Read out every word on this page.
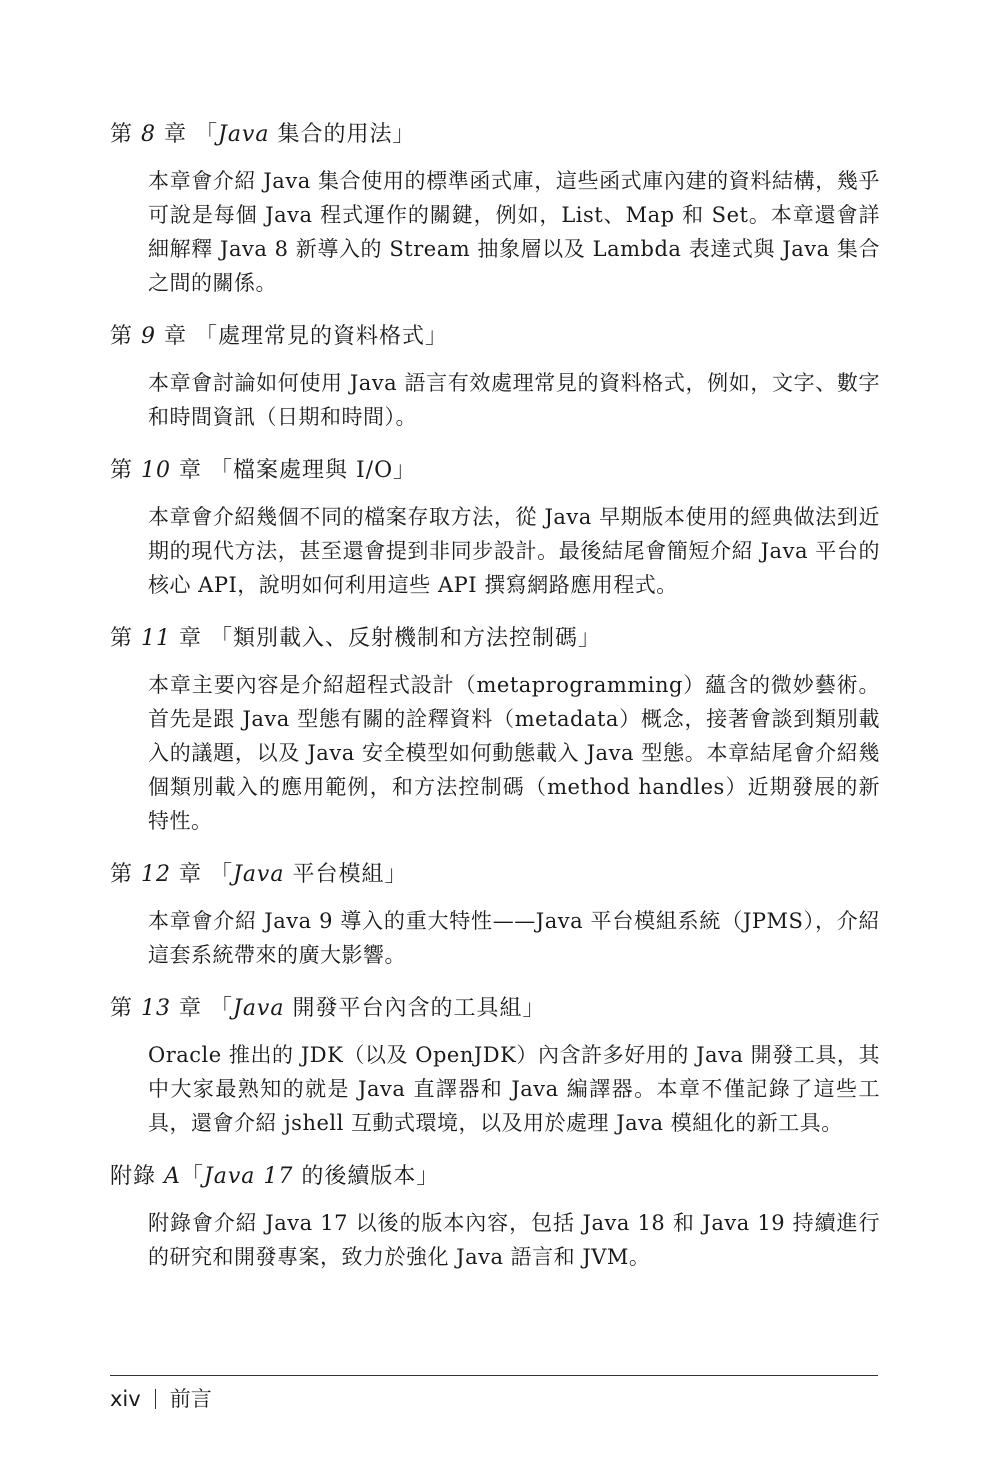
第 8 章 「Java 集合的用法」

本章會介紹 Java 集合使用的標準函式庫，這些函式庫內建的資料結構，幾乎可說是每個 Java 程式運作的關鍵，例如，List、Map 和 Set。本章還會詳細解釋 Java 8 新導入的 Stream 抽象層以及 Lambda 表達式與 Java 集合之間的關係。

第 9 章 「處理常見的資料格式」

本章會討論如何使用 Java 語言有效處理常見的資料格式，例如，文字、數字和時間資訊（日期和時間）。

第 10 章 「檔案處理與 I/O」

本章會介紹幾個不同的檔案存取方法，從 Java 早期版本使用的經典做法到近期的現代方法，甚至還會提到非同步設計。最後結尾會簡短介紹 Java 平台的核心 API，說明如何利用這些 API 撰寫網路應用程式。

第 11 章 「類別載入、反射機制和方法控制碼」

本章主要內容是介紹超程式設計（metaprogramming）蘊含的微妙藝術。首先是跟 Java 型態有關的詮釋資料（metadata）概念，接著會談到類別載入的議題，以及 Java 安全模型如何動態載入 Java 型態。本章結尾會介紹幾個類別載入的應用範例，和方法控制碼（method handles）近期發展的新特性。

第 12 章 「Java 平台模組」

本章會介紹 Java 9 導入的重大特性——Java 平台模組系統（JPMS），介紹這套系統帶來的廣大影響。

第 13 章 「Java 開發平台內含的工具組」

Oracle 推出的 JDK（以及 OpenJDK）內含許多好用的 Java 開發工具，其中大家最熟知的就是 Java 直譯器和 Java 編譯器。本章不僅記錄了這些工具，還會介紹 jshell 互動式環境，以及用於處理 Java 模組化的新工具。

附錄 A「Java 17 的後續版本」

附錄會介紹 Java 17 以後的版本內容，包括 Java 18 和 Java 19 持續進行的研究和開發專案，致力於強化 Java 語言和 JVM。

xiv 前言
